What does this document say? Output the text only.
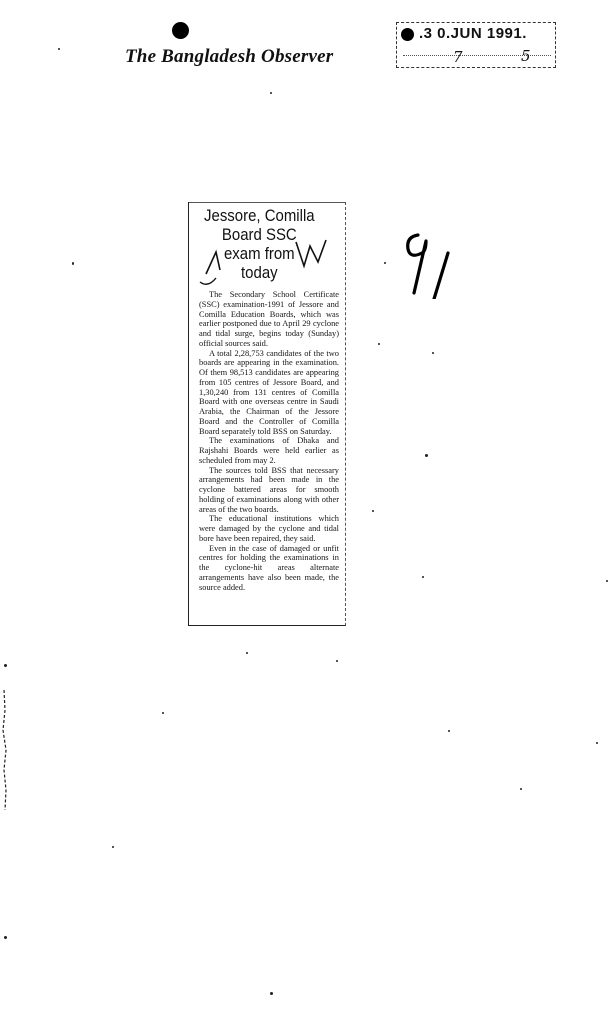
The Bangladesh Observer
.3 0.JUN 1991.
7	5
Jessore, Comilla
Board SSC
exam from
today

The Secondary School Certificate (SSC) examination-1991 of Jessore and Comilla Education Boards, which was earlier postponed due to April 29 cyclone and tidal surge, begins today (Sunday) official sources said.

A total 2,28,753 candidates of the two boards are appearing in the examination. Of them 98,513 candidates are appearing from 105 centres of Jessore Board, and 1,30,240 from 131 centres of Comilla Board with one overseas centre in Saudi Arabia, the Chairman of the Jessore Board and the Controller of Comilla Board separately told BSS on Saturday.

The examinations of Dhaka and Rajshahi Boards were held earlier as scheduled from may 2.

The sources told BSS that necessary arrangements had been made in the cyclone battered areas for smooth holding of examinations along with other areas of the two boards.

The educational institutions which were damaged by the cyclone and tidal bore have been repaired, they said.

Even in the case of damaged or unfit centres for holding the examinations in the cyclone-hit areas alternate arrangements have also been made, the source added.
